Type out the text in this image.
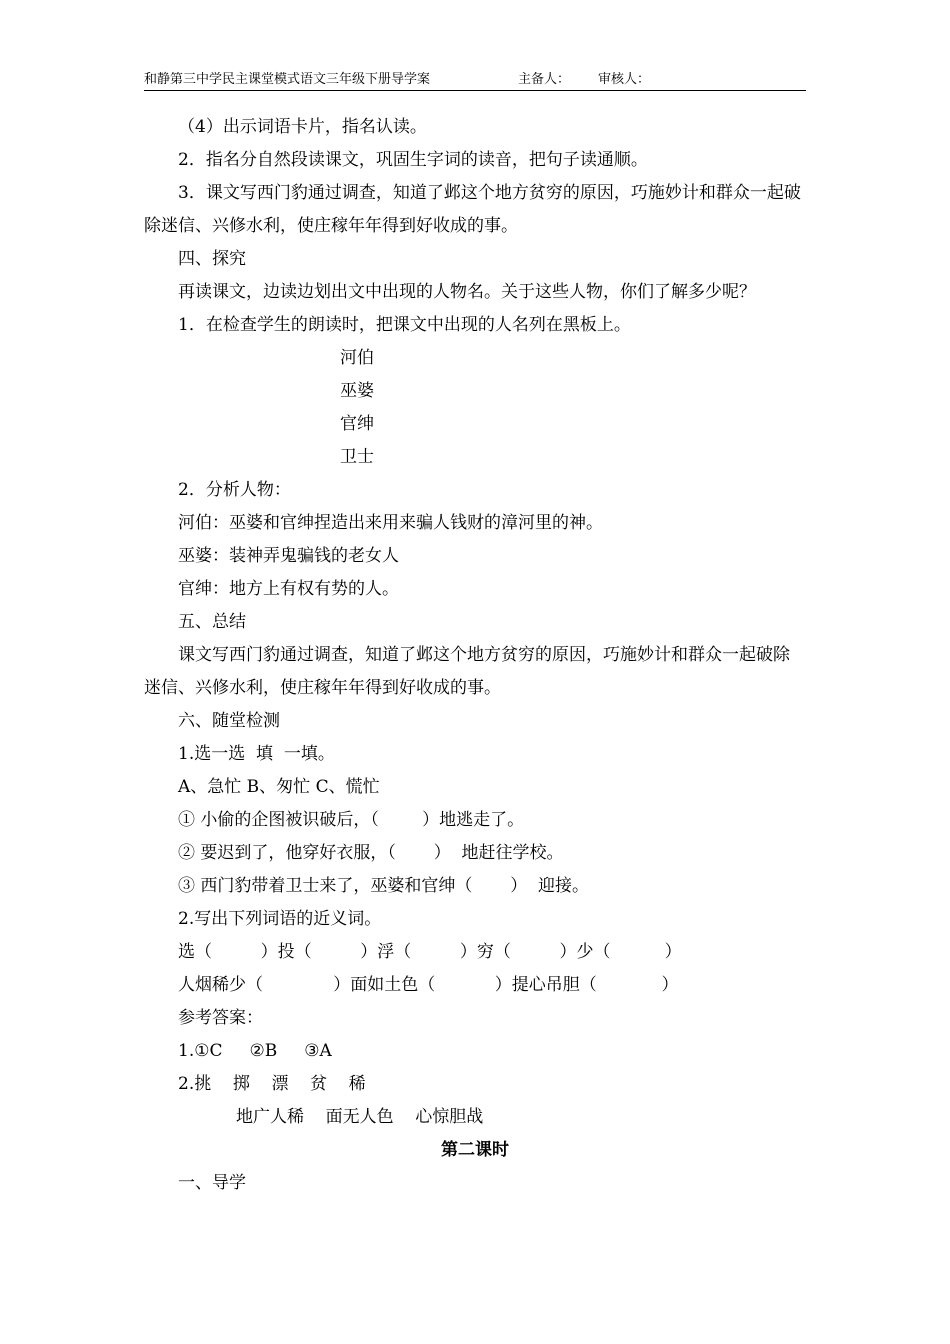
和静第三中学民主课堂模式语文三年级下册导学案	主备人： 审核人：

（4）出示词语卡片，指名认读。

2．指名分自然段读课文，巩固生字词的读音，把句子读通顺。

3．课文写西门豹通过调查，知道了邺这个地方贫穷的原因，巧施妙计和群众一起破除迷信、兴修水利，使庄稼年年得到好收成的事。

四、探究

再读课文，边读边划出文中出现的人物名。关于这些人物，你们了解多少呢？

1．在检查学生的朗读时，把课文中出现的人名列在黑板上。

河伯

巫婆

官绅

卫士

2．分析人物：

河伯：巫婆和官绅捏造出来用来骗人钱财的漳河里的神。

巫婆：装神弄鬼骗钱的老女人

官绅：地方上有权有势的人。

五、总结

课文写西门豹通过调查，知道了邺这个地方贫穷的原因，巧施妙计和群众一起破除迷信、兴修水利，使庄稼年年得到好收成的事。

六、随堂检测

1.选一选  填  一填。

A、急忙 B、匆忙 C、慌忙

① 小偷的企图被识破后，（        ）地逃走了。

② 要迟到了，他穿好衣服，（       ）  地赶往学校。

③ 西门豹带着卫士来了，巫婆和官绅（       ）  迎接。

2.写出下列词语的近义词。

选（         ）投（         ）浮（         ）穷（         ）少（          ）

人烟稀少（             ）面如土色（           ）提心吊胆（            ）

参考答案：

1.①C     ②B     ③A

2.挑    掷    漂    贫    稀

地广人稀    面无人色    心惊胆战

第二课时

一、导学
